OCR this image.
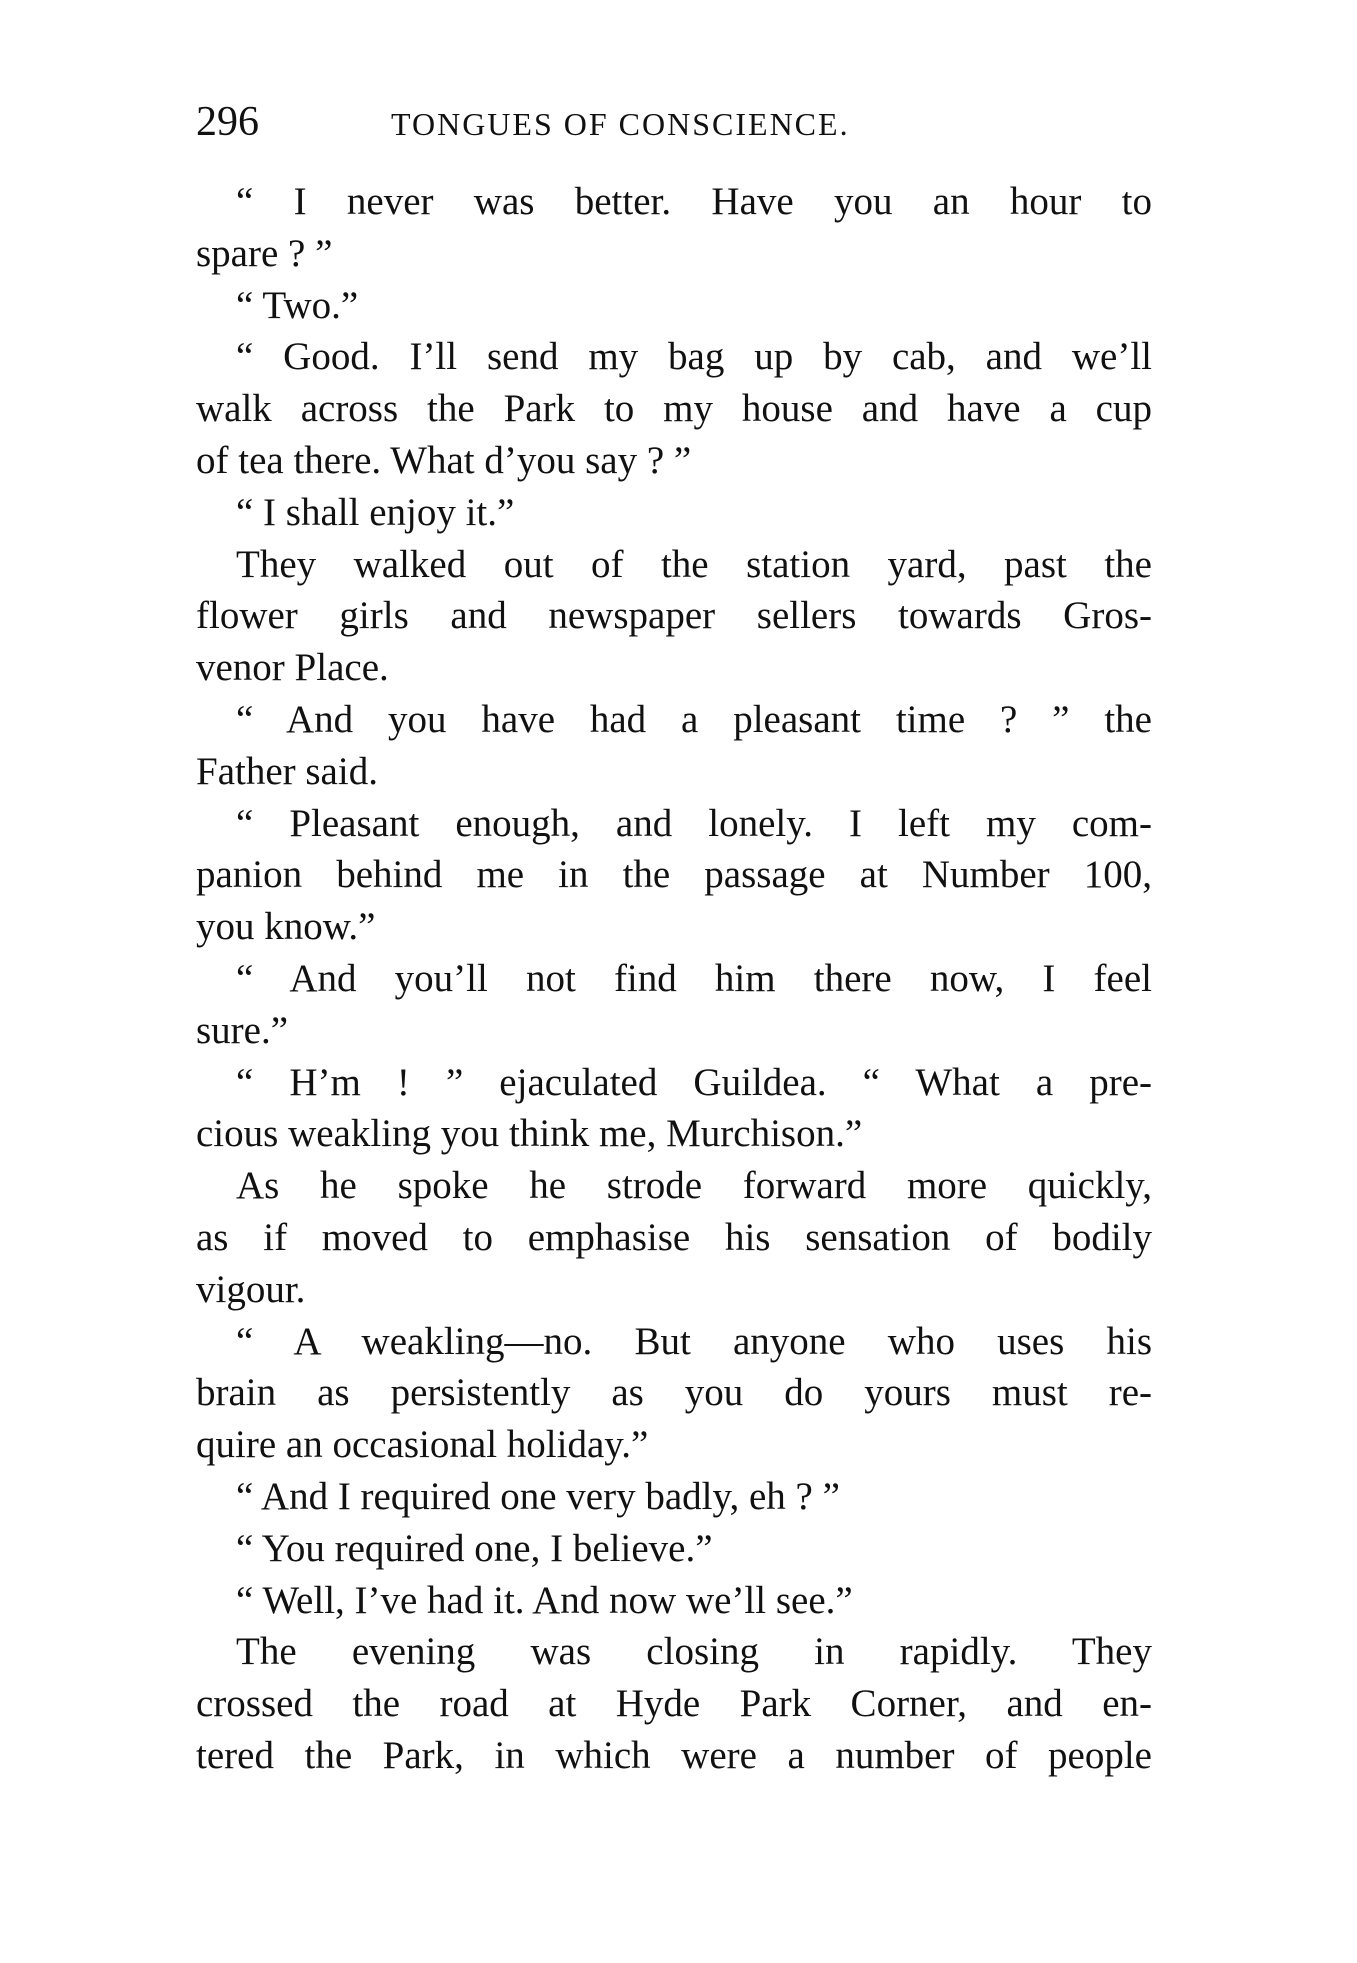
296	TONGUES OF CONSCIENCE.
“ I never was better. Have you an hour to
spare ? ”
“ Two.”
“ Good. I’ll send my bag up by cab, and we’ll
walk across the Park to my house and have a cup
of tea there. What d’you say ? ”
“ I shall enjoy it.”
They walked out of the station yard, past the
flower girls and newspaper sellers towards Gros-
venor Place.
“ And you have had a pleasant time ? ” the
Father said.
“ Pleasant enough, and lonely. I left my com-
panion behind me in the passage at Number 100,
you know.”
“ And you’ll not find him there now, I feel
sure.”
“ H’m ! ” ejaculated Guildea. “ What a pre-
cious weakling you think me, Murchison.”
As he spoke he strode forward more quickly,
as if moved to emphasise his sensation of bodily
vigour.
“ A weakling—no. But anyone who uses his
brain as persistently as you do yours must re-
quire an occasional holiday.”
“ And I required one very badly, eh ? ”
“ You required one, I believe.”
“ Well, I’ve had it. And now we’ll see.”
The evening was closing in rapidly. They
crossed the road at Hyde Park Corner, and en-
tered the Park, in which were a number of people
